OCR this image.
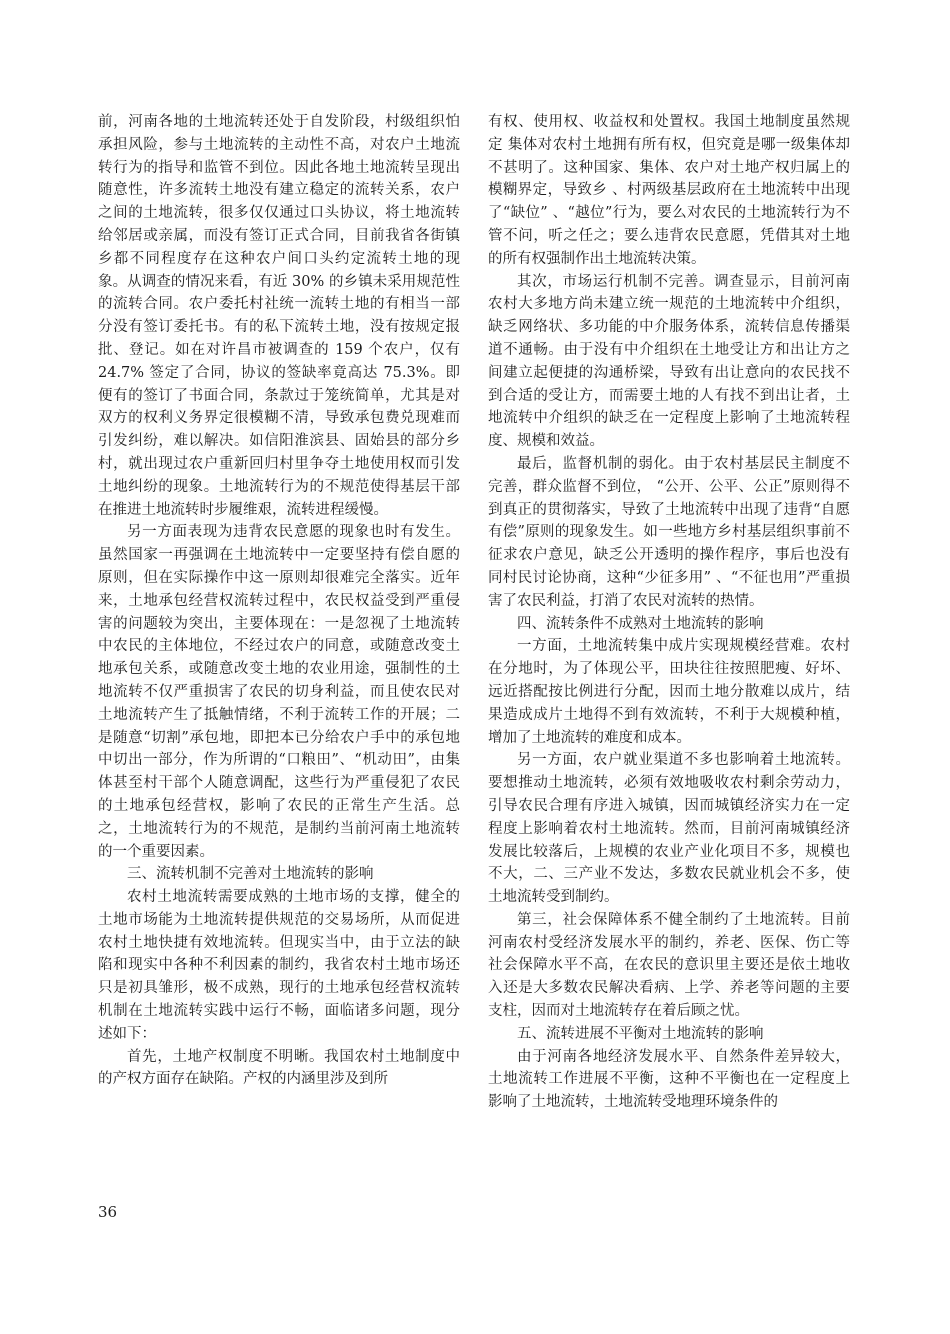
前，河南各地的土地流转还处于自发阶段，村级组织怕承担风险，参与土地流转的主动性不高，对农户土地流转行为的指导和监管不到位。因此各地土地流转呈现出随意性，许多流转土地没有建立稳定的流转关系，农户之间的土地流转，很多仅仅通过口头协议，将土地流转给邻居或亲属，而没有签订正式合同，目前我省各街镇乡都不同程度存在这种农户间口头约定流转土地的现象。从调查的情况来看，有近 30% 的乡镇未采用规范性的流转合同。农户委托村社统一流转土地的有相当一部分没有签订委托书。有的私下流转土地，没有按规定报批、登记。如在对许昌市被调查的 159 个农户，仅有 24.7% 签定了合同，协议的签缺率竟高达 75.3%。即便有的签订了书面合同，条款过于笼统简单，尤其是对双方的权利义务界定很模糊不清，导致承包费兑现难而引发纠纷，难以解决。如信阳淮滨县、固始县的部分乡村，就出现过农户重新回归村里争夺土地使用权而引发土地纠纷的现象。土地流转行为的不规范使得基层干部在推进土地流转时步履维艰，流转进程缓慢。

另一方面表现为违背农民意愿的现象也时有发生。虽然国家一再强调在土地流转中一定要坚持有偿自愿的原则，但在实际操作中这一原则却很难完全落实。近年来，土地承包经营权流转过程中，农民权益受到严重侵害的问题较为突出，主要体现在：一是忽视了土地流转中农民的主体地位，不经过农户的同意，或随意改变土地承包关系，或随意改变土地的农业用途，强制性的土地流转不仅严重损害了农民的切身利益，而且使农民对土地流转产生了抵触情绪，不利于流转工作的开展；二是随意“切割”承包地，即把本已分给农户手中的承包地中切出一部分，作为所谓的“口粮田”、“机动田”，由集体甚至村干部个人随意调配，这些行为严重侵犯了农民的土地承包经营权，影响了农民的正常生产生活。总之，土地流转行为的不规范，是制约当前河南土地流转的一个重要因素。

三、流转机制不完善对土地流转的影响

农村土地流转需要成熟的土地市场的支撑，健全的土地市场能为土地流转提供规范的交易场所，从而促进农村土地快捷有效地流转。但现实当中，由于立法的缺陷和现实中各种不利因素的制约，我省农村土地市场还只是初具雏形，极不成熟，现行的土地承包经营权流转机制在土地流转实践中运行不畅，面临诸多问题，现分述如下：

首先，土地产权制度不明晰。我国农村土地制度中的产权方面存在缺陷。产权的内涵里涉及到所

有权、使用权、收益权和处置权。我国土地制度虽然规定 集体对农村土地拥有所有权，但究竟是哪一级集体却不甚明了。这种国家、集体、农户对土地产权归属上的模糊界定，导致乡 、村两级基层政府在土地流转中出现了“缺位” 、“越位”行为，要么对农民的土地流转行为不管不问，听之任之；要么违背农民意愿，凭借其对土地的所有权强制作出土地流转决策。

其次，市场运行机制不完善。调查显示，目前河南农村大多地方尚未建立统一规范的土地流转中介组织，缺乏网络状、多功能的中介服务体系，流转信息传播渠道不通畅。由于没有中介组织在土地受让方和出让方之间建立起便捷的沟通桥梁，导致有出让意向的农民找不到合适的受让方，而需要土地的人有找不到出让者，土地流转中介组织的缺乏在一定程度上影响了土地流转程度、规模和效益。

最后，监督机制的弱化。由于农村基层民主制度不完善，群众监督不到位， “公开、公平、公正”原则得不到真正的贯彻落实，导致了土地流转中出现了违背“自愿有偿”原则的现象发生。如一些地方乡村基层组织事前不征求农户意见，缺乏公开透明的操作程序，事后也没有同村民讨论协商，这种“少征多用” 、“不征也用”严重损害了农民利益，打消了农民对流转的热情。

四、流转条件不成熟对土地流转的影响

一方面，土地流转集中成片实现规模经营难。农村在分地时，为了体现公平，田块往往按照肥瘦、好坏、远近搭配按比例进行分配，因而土地分散难以成片，结果造成成片土地得不到有效流转，不利于大规模种植，增加了土地流转的难度和成本。

另一方面，农户就业渠道不多也影响着土地流转。要想推动土地流转，必须有效地吸收农村剩余劳动力，引导农民合理有序进入城镇，因而城镇经济实力在一定程度上影响着农村土地流转。然而，目前河南城镇经济发展比较落后，上规模的农业产业化项目不多，规模也不大，二、三产业不发达，多数农民就业机会不多，使土地流转受到制约。

第三，社会保障体系不健全制约了土地流转。目前河南农村受经济发展水平的制约，养老、医保、伤亡等社会保障水平不高，在农民的意识里主要还是依土地收入还是大多数农民解决看病、上学、养老等问题的主要支柱，因而对土地流转存在着后顾之忧。

五、流转进展不平衡对土地流转的影响

由于河南各地经济发展水平、自然条件差异较大，土地流转工作进展不平衡，这种不平衡也在一定程度上影响了土地流转，土地流转受地理环境条件的

36
